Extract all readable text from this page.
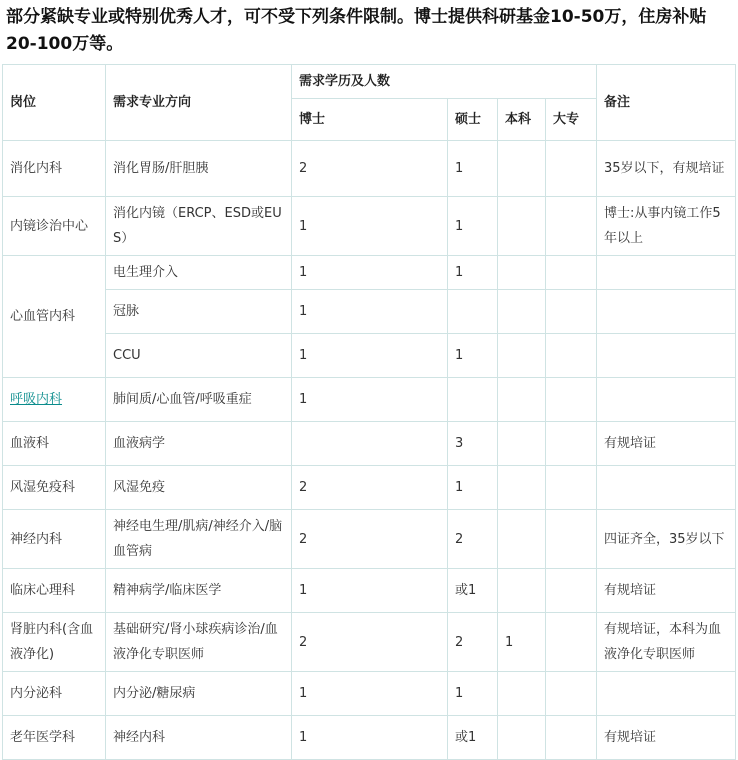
部分紧缺专业或特别优秀人才，可不受下列条件限制。博士提供科研基金10-50万，住房补贴20-100万等。
岗位	需求专业方向	需求学历及人数				备注
		博士	硕士	本科	大专	
消化内科	消化胃肠/肝胆胰	2	1			35岁以下，有规培证
内镜诊治中心	消化内镜（ERCP、ESD或EUS）	1	1			博士:从事内镜工作5年以上
心血管内科	电生理介入	1	1			
	冠脉	1				
	CCU	1	1			
呼吸内科	肺间质/心血管/呼吸重症	1				
血液科	血液病学		3			有规培证
风湿免疫科	风湿免疫	2	1			
神经内科	神经电生理/肌病/神经介入/脑血管病	2	2			四证齐全，35岁以下
临床心理科	精神病学/临床医学	1	或1			有规培证
肾脏内科(含血液净化)	基础研究/肾小球疾病诊治/血液净化专职医师	2	2	1		有规培证，本科为血液净化专职医师
内分泌科	内分泌/糖尿病	1	1			
老年医学科	神经内科	1	或1			有规培证
